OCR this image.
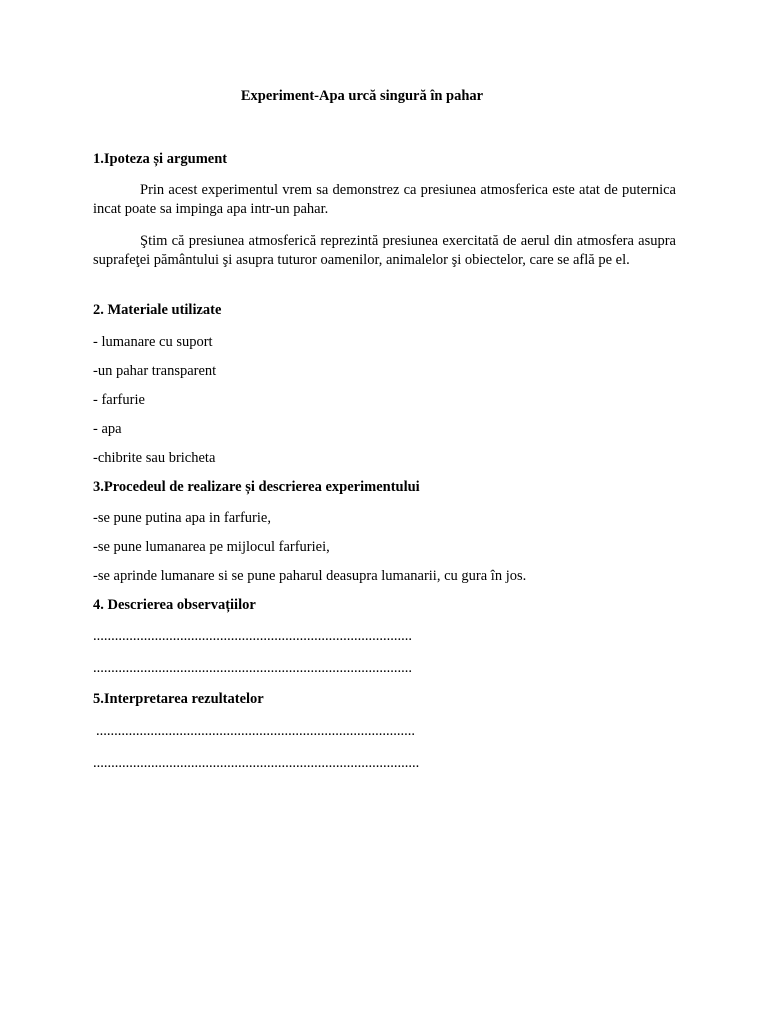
Experiment-Apa urcă singură în pahar
1.Ipoteza și argument
Prin acest experimentul vrem sa demonstrez ca presiunea atmosferica este atat de puternica incat poate sa impinga apa intr-un pahar.
Ştim că presiunea atmosferică reprezintă presiunea exercitată de aerul din atmosfera asupra suprafeţei pământului şi asupra tuturor oamenilor, animalelor şi obiectelor, care se află pe el.
2. Materiale utilizate
- lumanare cu suport
-un pahar transparent
- farfurie
- apa
-chibrite sau bricheta
3.Procedeul de realizare și descrierea experimentului
-se pune putina apa in farfurie,
-se pune lumanarea pe mijlocul farfuriei,
-se aprinde lumanare si se pune paharul deasupra lumanarii, cu gura în jos.
4. Descrierea observațiilor
........................................................................................
........................................................................................
5.Interpretarea rezultatelor
........................................................................................
..........................................................................................
